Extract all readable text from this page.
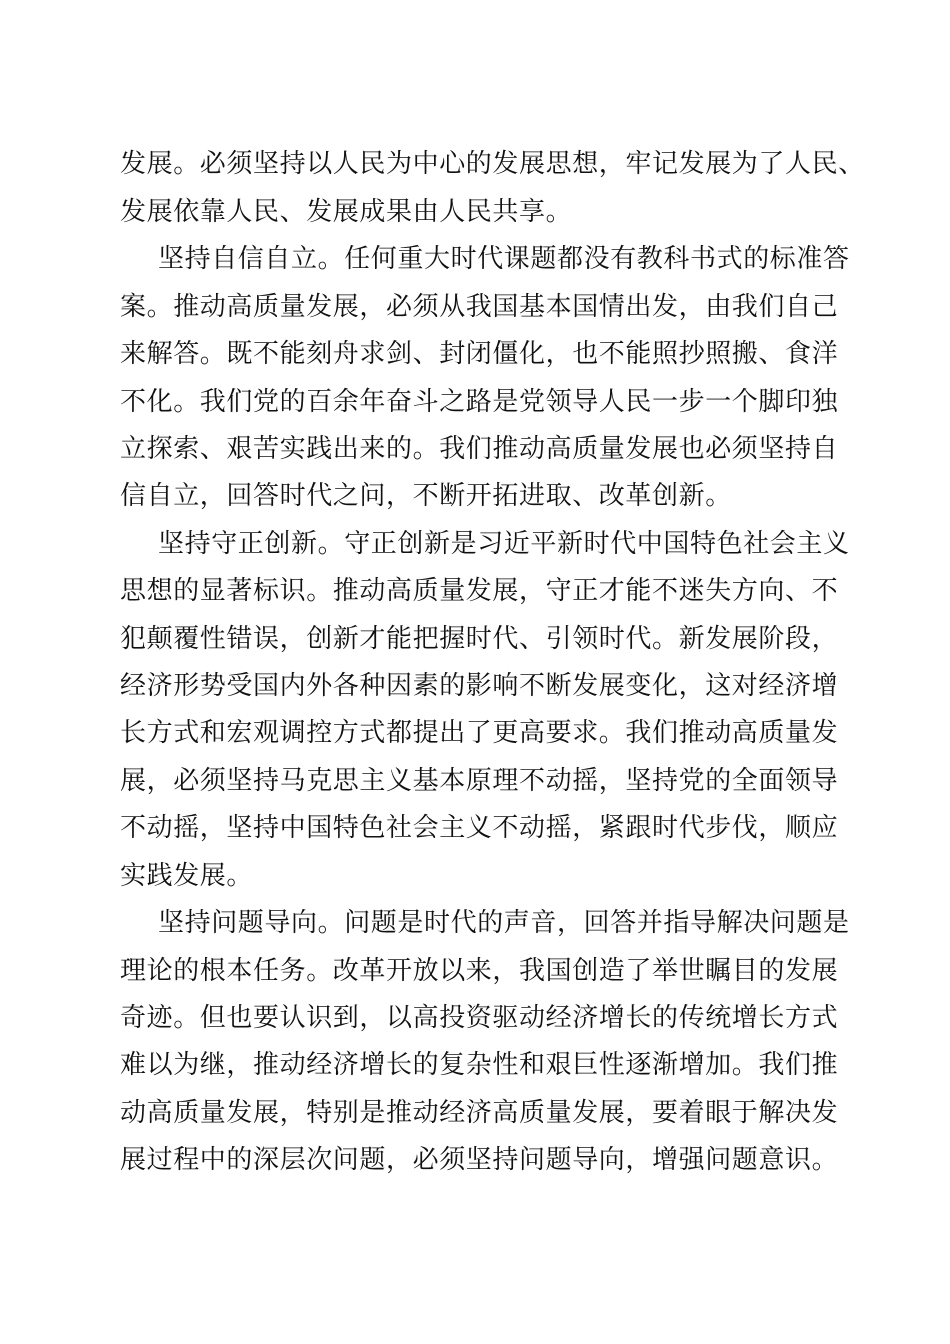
发展。必须坚持以人民为中心的发展思想，牢记发展为了人民、
发展依靠人民、发展成果由人民共享。
坚持自信自立。任何重大时代课题都没有教科书式的标准答
案。推动高质量发展，必须从我国基本国情出发，由我们自己
来解答。既不能刻舟求剑、封闭僵化，也不能照抄照搬、食洋
不化。我们党的百余年奋斗之路是党领导人民一步一个脚印独
立探索、艰苦实践出来的。我们推动高质量发展也必须坚持自
信自立，回答时代之问，不断开拓进取、改革创新。
坚持守正创新。守正创新是习近平新时代中国特色社会主义
思想的显著标识。推动高质量发展，守正才能不迷失方向、不
犯颠覆性错误，创新才能把握时代、引领时代。新发展阶段，
经济形势受国内外各种因素的影响不断发展变化，这对经济增
长方式和宏观调控方式都提出了更高要求。我们推动高质量发
展，必须坚持马克思主义基本原理不动摇，坚持党的全面领导
不动摇，坚持中国特色社会主义不动摇，紧跟时代步伐，顺应
实践发展。
坚持问题导向。问题是时代的声音，回答并指导解决问题是
理论的根本任务。改革开放以来，我国创造了举世瞩目的发展
奇迹。但也要认识到，以高投资驱动经济增长的传统增长方式
难以为继，推动经济增长的复杂性和艰巨性逐渐增加。我们推
动高质量发展，特别是推动经济高质量发展，要着眼于解决发
展过程中的深层次问题，必须坚持问题导向，增强问题意识。
